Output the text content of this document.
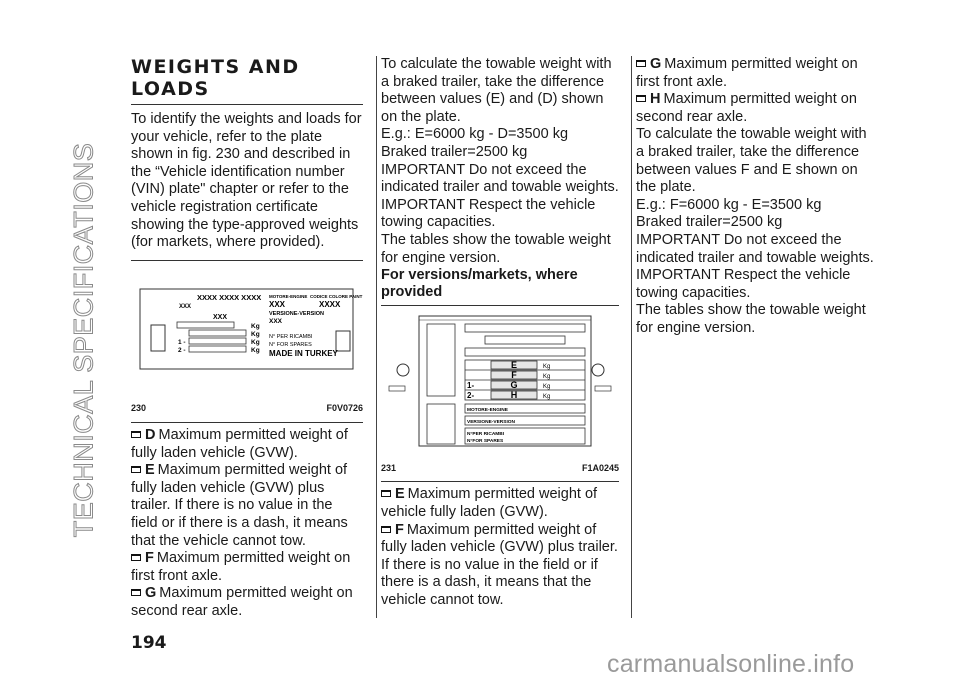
TECHNICAL SPECIFICATIONS
WEIGHTS AND
LOADS

To identify the weights and loads for your vehicle, refer to the plate shown in fig. 230 and described in the “Vehicle identification number (VIN) plate" chapter or refer to the vehicle registration certificate showing the type-approved weights (for markets, where provided).

XXXX XXXX XXXX
XXX
XXX
Kg
Kg
Kg
Kg
1 -
2 -
MOTORE-ENGINE CODICE COLORE PAINT
XXX	XXXX
VERSIONE-VERSION
XXX
N° PER RICAMBI
N° FOR SPARES
MADE IN TURKEY
230	F0V0726
D Maximum permitted weight of fully laden vehicle (GVW).
E Maximum permitted weight of fully laden vehicle (GVW) plus trailer. If there is no value in the field or if there is a dash, it means that the vehicle cannot tow.
F Maximum permitted weight on first front axle.
G Maximum permitted weight on second rear axle.

To calculate the towable weight with a braked trailer, take the difference between values (E) and (D) shown on the plate.

E.g.: E=6000 kg - D=3500 kg

Braked trailer=2500 kg

IMPORTANT Do not exceed the indicated trailer and towable weights.

IMPORTANT Respect the vehicle towing capacities.

The tables show the towable weight for engine version.

For versions/markets, where provided

E
F
G
H
Kg
Kg
Kg
Kg
1-
2-
MOTORE-ENGINE
VERSIONE-VERSION
N°PER RICAMBI
N°FOR SPARES
231	F1A0245
E Maximum permitted weight of vehicle fully laden (GVW).
F Maximum permitted weight of fully laden vehicle (GVW) plus trailer. If there is no value in the field or if there is a dash, it means that the vehicle cannot tow.
G Maximum permitted weight on first front axle.
H Maximum permitted weight on second rear axle.

To calculate the towable weight with a braked trailer, take the difference between values F and E shown on the plate.

E.g.: F=6000 kg - E=3500 kg

Braked trailer=2500 kg

IMPORTANT Do not exceed the indicated trailer and towable weights.

IMPORTANT Respect the vehicle towing capacities.

The tables show the towable weight for engine version.

194
carmanualsonline.info
